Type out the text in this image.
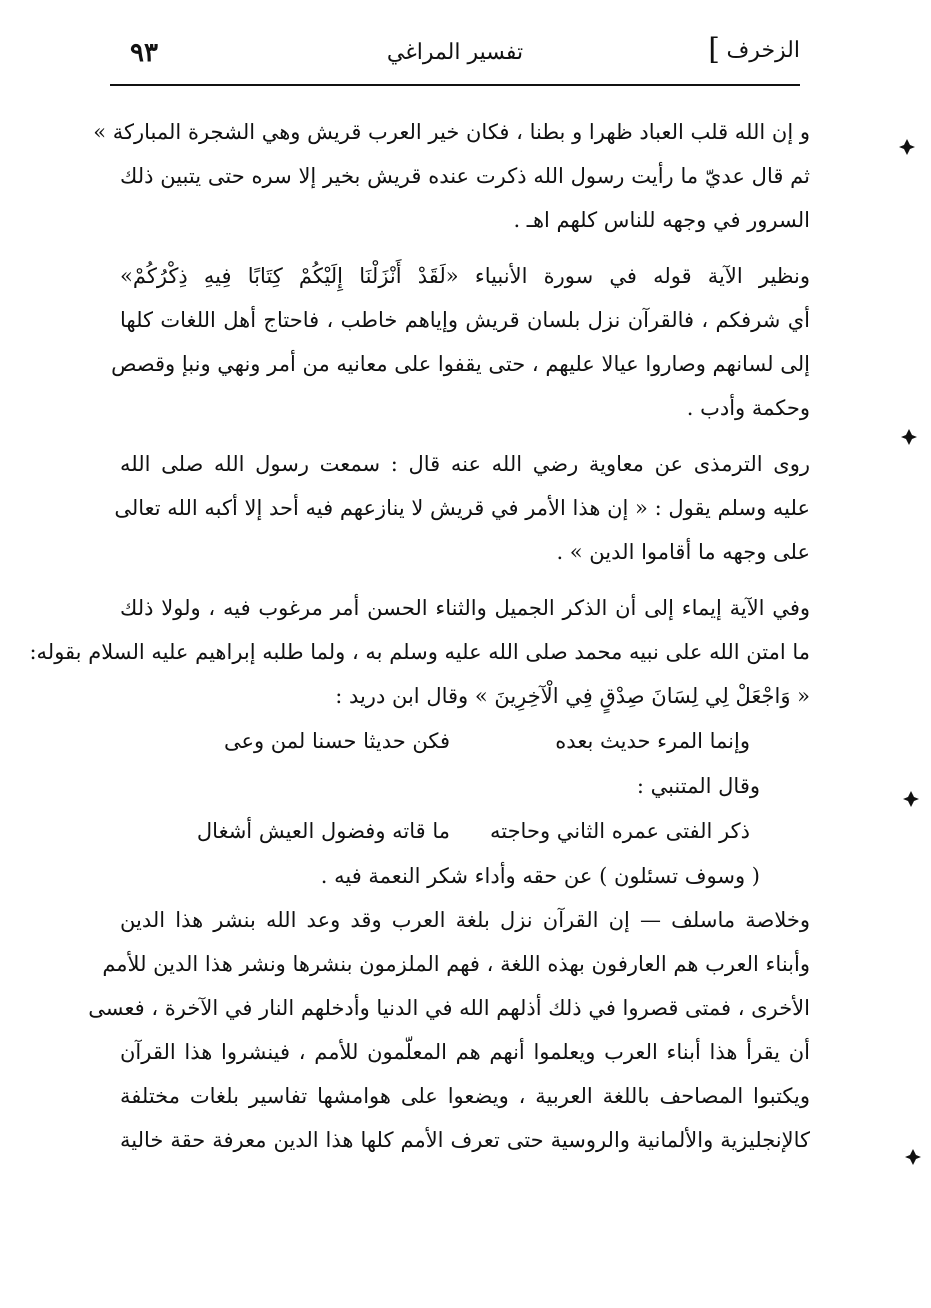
الزخرف
]
تفسير المراغي
٩٣
و إن الله قلب العباد ظهرا و بطنا ، فكان خير العرب قريش وهي الشجرة المباركة »
ثم قال عديّ ما رأيت رسول الله ذكرت عنده قريش بخير إلا سره حتى يتبين ذلك
السرور في وجهه للناس كلهم اهـ .
ونظير الآية قوله في سورة الأنبياء «لَقَدْ أَنْزَلْنَا إِلَيْكُمْ كِتَابًا فِيهِ ذِكْرُكُمْ»
أي شرفكم ، فالقرآن نزل بلسان قريش وإياهم خاطب ، فاحتاج أهل اللغات كلها
إلى لسانهم وصاروا عيالا عليهم ، حتى يقفوا على معانيه من أمر ونهي ونبإ وقصص
وحكمة وأدب .
روى الترمذى عن معاوية رضي الله عنه قال : سمعت رسول الله صلى الله
عليه وسلم يقول : « إن هذا الأمر في قريش لا ينازعهم فيه أحد إلا أكبه الله تعالى
على وجهه ما أقاموا الدين » .
وفي الآية إيماء إلى أن الذكر الجميل والثناء الحسن أمر مرغوب فيه ، ولولا ذلك
ما امتن الله على نبيه محمد صلى الله عليه وسلم به ، ولما طلبه إبراهيم عليه السلام بقوله:
« وَاجْعَلْ لِي لِسَانَ صِدْقٍ فِي الْآخِرِينَ » وقال ابن دريد :
وإنما المرء حديث بعدهفكن حديثا حسنا لمن وعى
وقال المتنبي :
ذكر الفتى عمره الثاني وحاجتهما قاته وفضول العيش أشغال
( وسوف تسئلون ) عن حقه وأداء شكر النعمة فيه .
وخلاصة ماسلف — إن القرآن نزل بلغة العرب وقد وعد الله بنشر هذا الدين
وأبناء العرب هم العارفون بهذه اللغة ، فهم الملزمون بنشرها ونشر هذا الدين للأمم
الأخرى ، فمتى قصروا في ذلك أذلهم الله في الدنيا وأدخلهم النار في الآخرة ، فعسى
أن يقرأ هذا أبناء العرب ويعلموا أنهم هم المعلّمون للأمم ، فينشروا هذا القرآن
ويكتبوا المصاحف باللغة العربية ، ويضعوا على هوامشها تفاسير بلغات مختلفة
كالإنجليزية والألمانية والروسية حتى تعرف الأمم كلها هذا الدين معرفة حقة خالية
